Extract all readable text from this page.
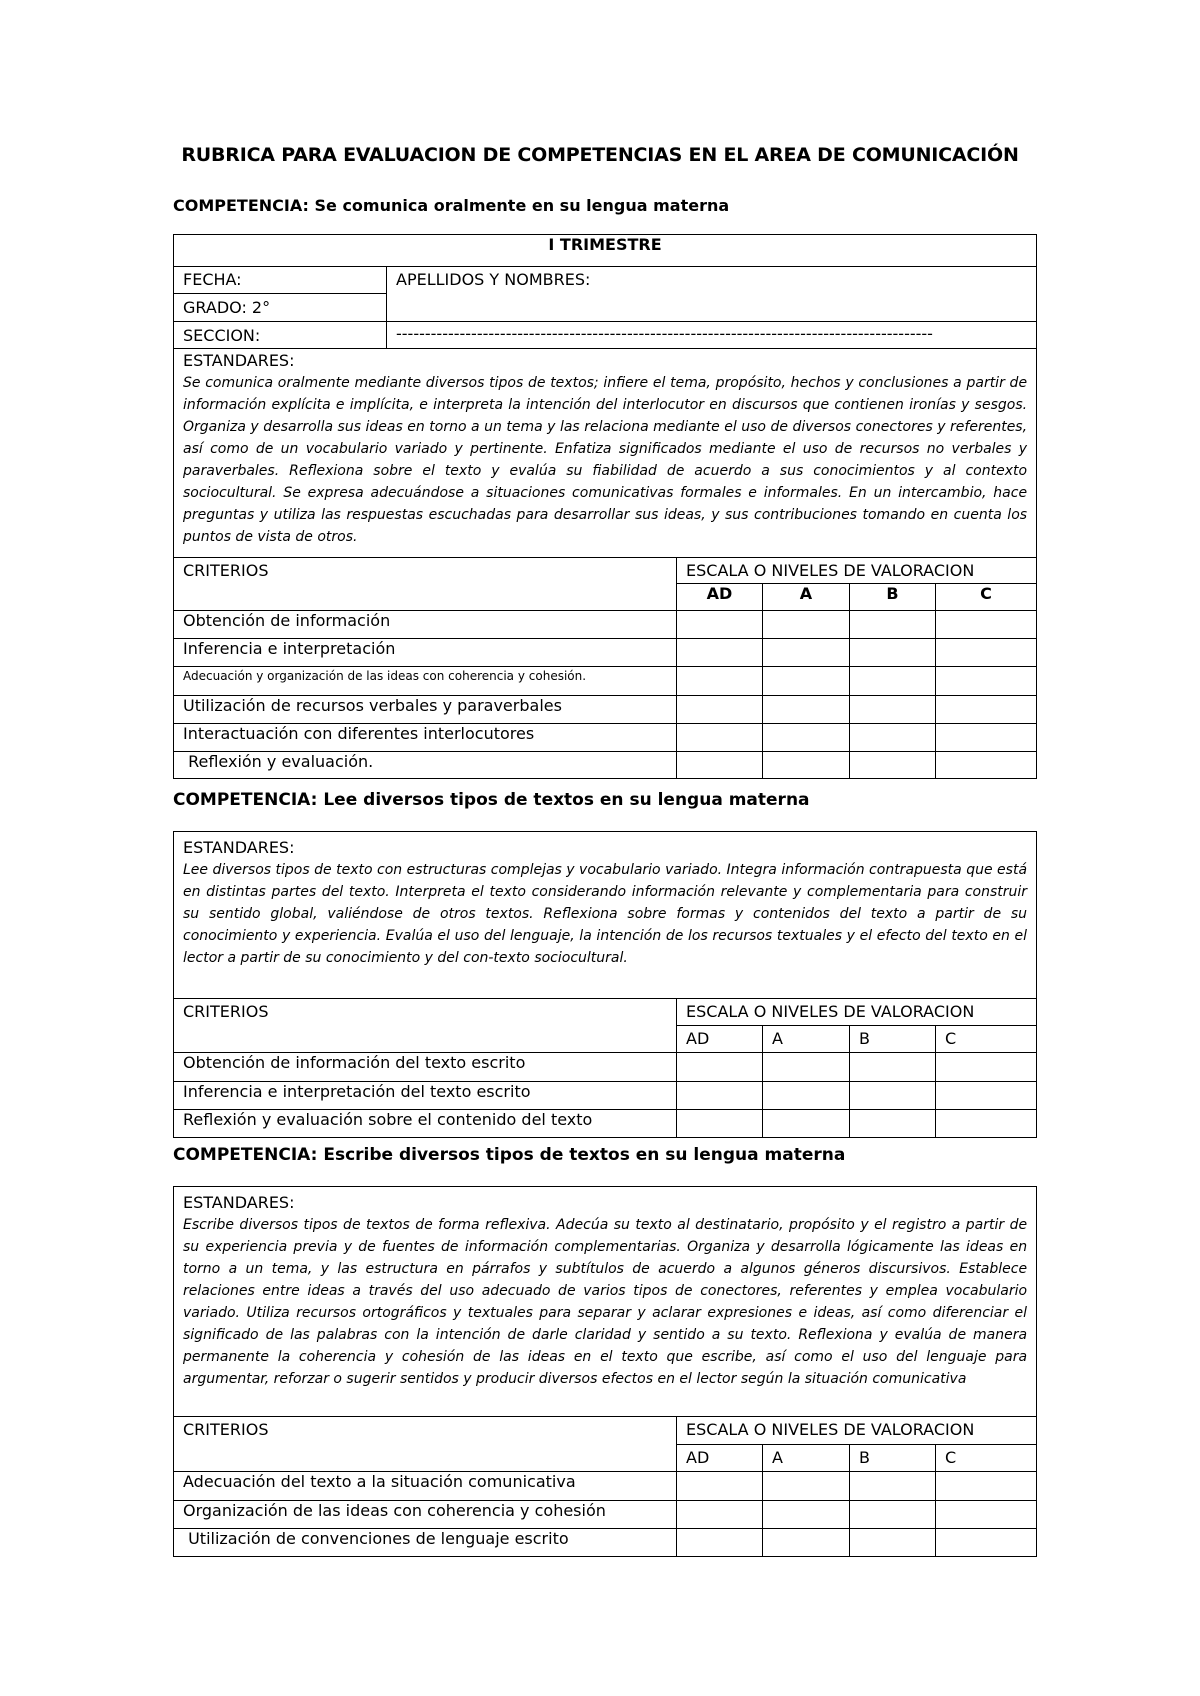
RUBRICA PARA EVALUACION DE COMPETENCIAS EN EL AREA DE COMUNICACIÓN
COMPETENCIA: Se comunica oralmente en su lengua materna
I TRIMESTRE					
FECHA:	APELLIDOS Y NOMBRES:				
GRADO: 2°					
SECCION:	---------------------------------------------------------------------------------------------				

ESTANDARES:
Se comunica oralmente mediante diversos tipos de textos; infiere el tema, propósito, hechos y conclusiones a partir de información explícita e implícita, e interpreta la intención del interlocutor en discursos que contienen ironías y sesgos. Organiza y desarrolla sus ideas en torno a un tema y las relaciona mediante el uso de diversos conectores y referentes, así como de un vocabulario variado y pertinente. Enfatiza significados mediante el uso de recursos no verbales y paraverbales. Reflexiona sobre el texto y evalúa su fiabilidad de acuerdo a sus conocimientos y al contexto sociocultural. Se expresa adecuándose a situaciones comunicativas formales e informales. En un intercambio, hace preguntas y utiliza las respuestas escuchadas para desarrollar sus ideas, y sus contribuciones tomando en cuenta los puntos de vista de otros.					

CRITERIOS		ESCALA O NIVELES DE VALORACION			
		AD	A	B	C
Obtención de información					
Inferencia e interpretación					
Adecuación y organización de las ideas con coherencia y cohesión.					
Utilización de recursos verbales y paraverbales					
Interactuación con diferentes interlocutores					
Reflexión y evaluación.					
COMPETENCIA: Lee diversos tipos de textos en su lengua materna
ESTANDARES:
Lee diversos tipos de texto con estructuras complejas y vocabulario variado. Integra información contrapuesta que está en distintas partes del texto. Interpreta el texto considerando información relevante y complementaria para construir su sentido global, valiéndose de otros textos. Reflexiona sobre formas y contenidos del texto a partir de su conocimiento y experiencia. Evalúa el uso del lenguaje, la intención de los recursos textuales y el efecto del texto en el lector a partir de su conocimiento y del con-texto sociocultural.				

CRITERIOS	ESCALA O NIVELES DE VALORACION			
	AD	A	B	C
Obtención de información del texto escrito				
Inferencia e interpretación del texto escrito				
Reflexión y evaluación sobre el contenido del texto				
COMPETENCIA: Escribe diversos tipos de textos en su lengua materna
ESTANDARES:
Escribe diversos tipos de textos de forma reflexiva. Adecúa su texto al destinatario, propósito y el registro a partir de su experiencia previa y de fuentes de información complementarias. Organiza y desarrolla lógicamente las ideas en torno a un tema, y las estructura en párrafos y subtítulos de acuerdo a algunos géneros discursivos. Establece relaciones entre ideas a través del uso adecuado de varios tipos de conectores, referentes y emplea vocabulario variado. Utiliza recursos ortográficos y textuales para separar y aclarar expresiones e ideas, así como diferenciar el significado de las palabras con la intención de darle claridad y sentido a su texto. Reflexiona y evalúa de manera permanente la coherencia y cohesión de las ideas en el texto que escribe, así como el uso del lenguaje para argumentar, reforzar o sugerir sentidos y producir diversos efectos en el lector según la situación comunicativa				

CRITERIOS	ESCALA O NIVELES DE VALORACION			
	AD	A	B	C
Adecuación del texto a la situación comunicativa				
Organización de las ideas con coherencia y cohesión				
Utilización de convenciones de lenguaje escrito				
